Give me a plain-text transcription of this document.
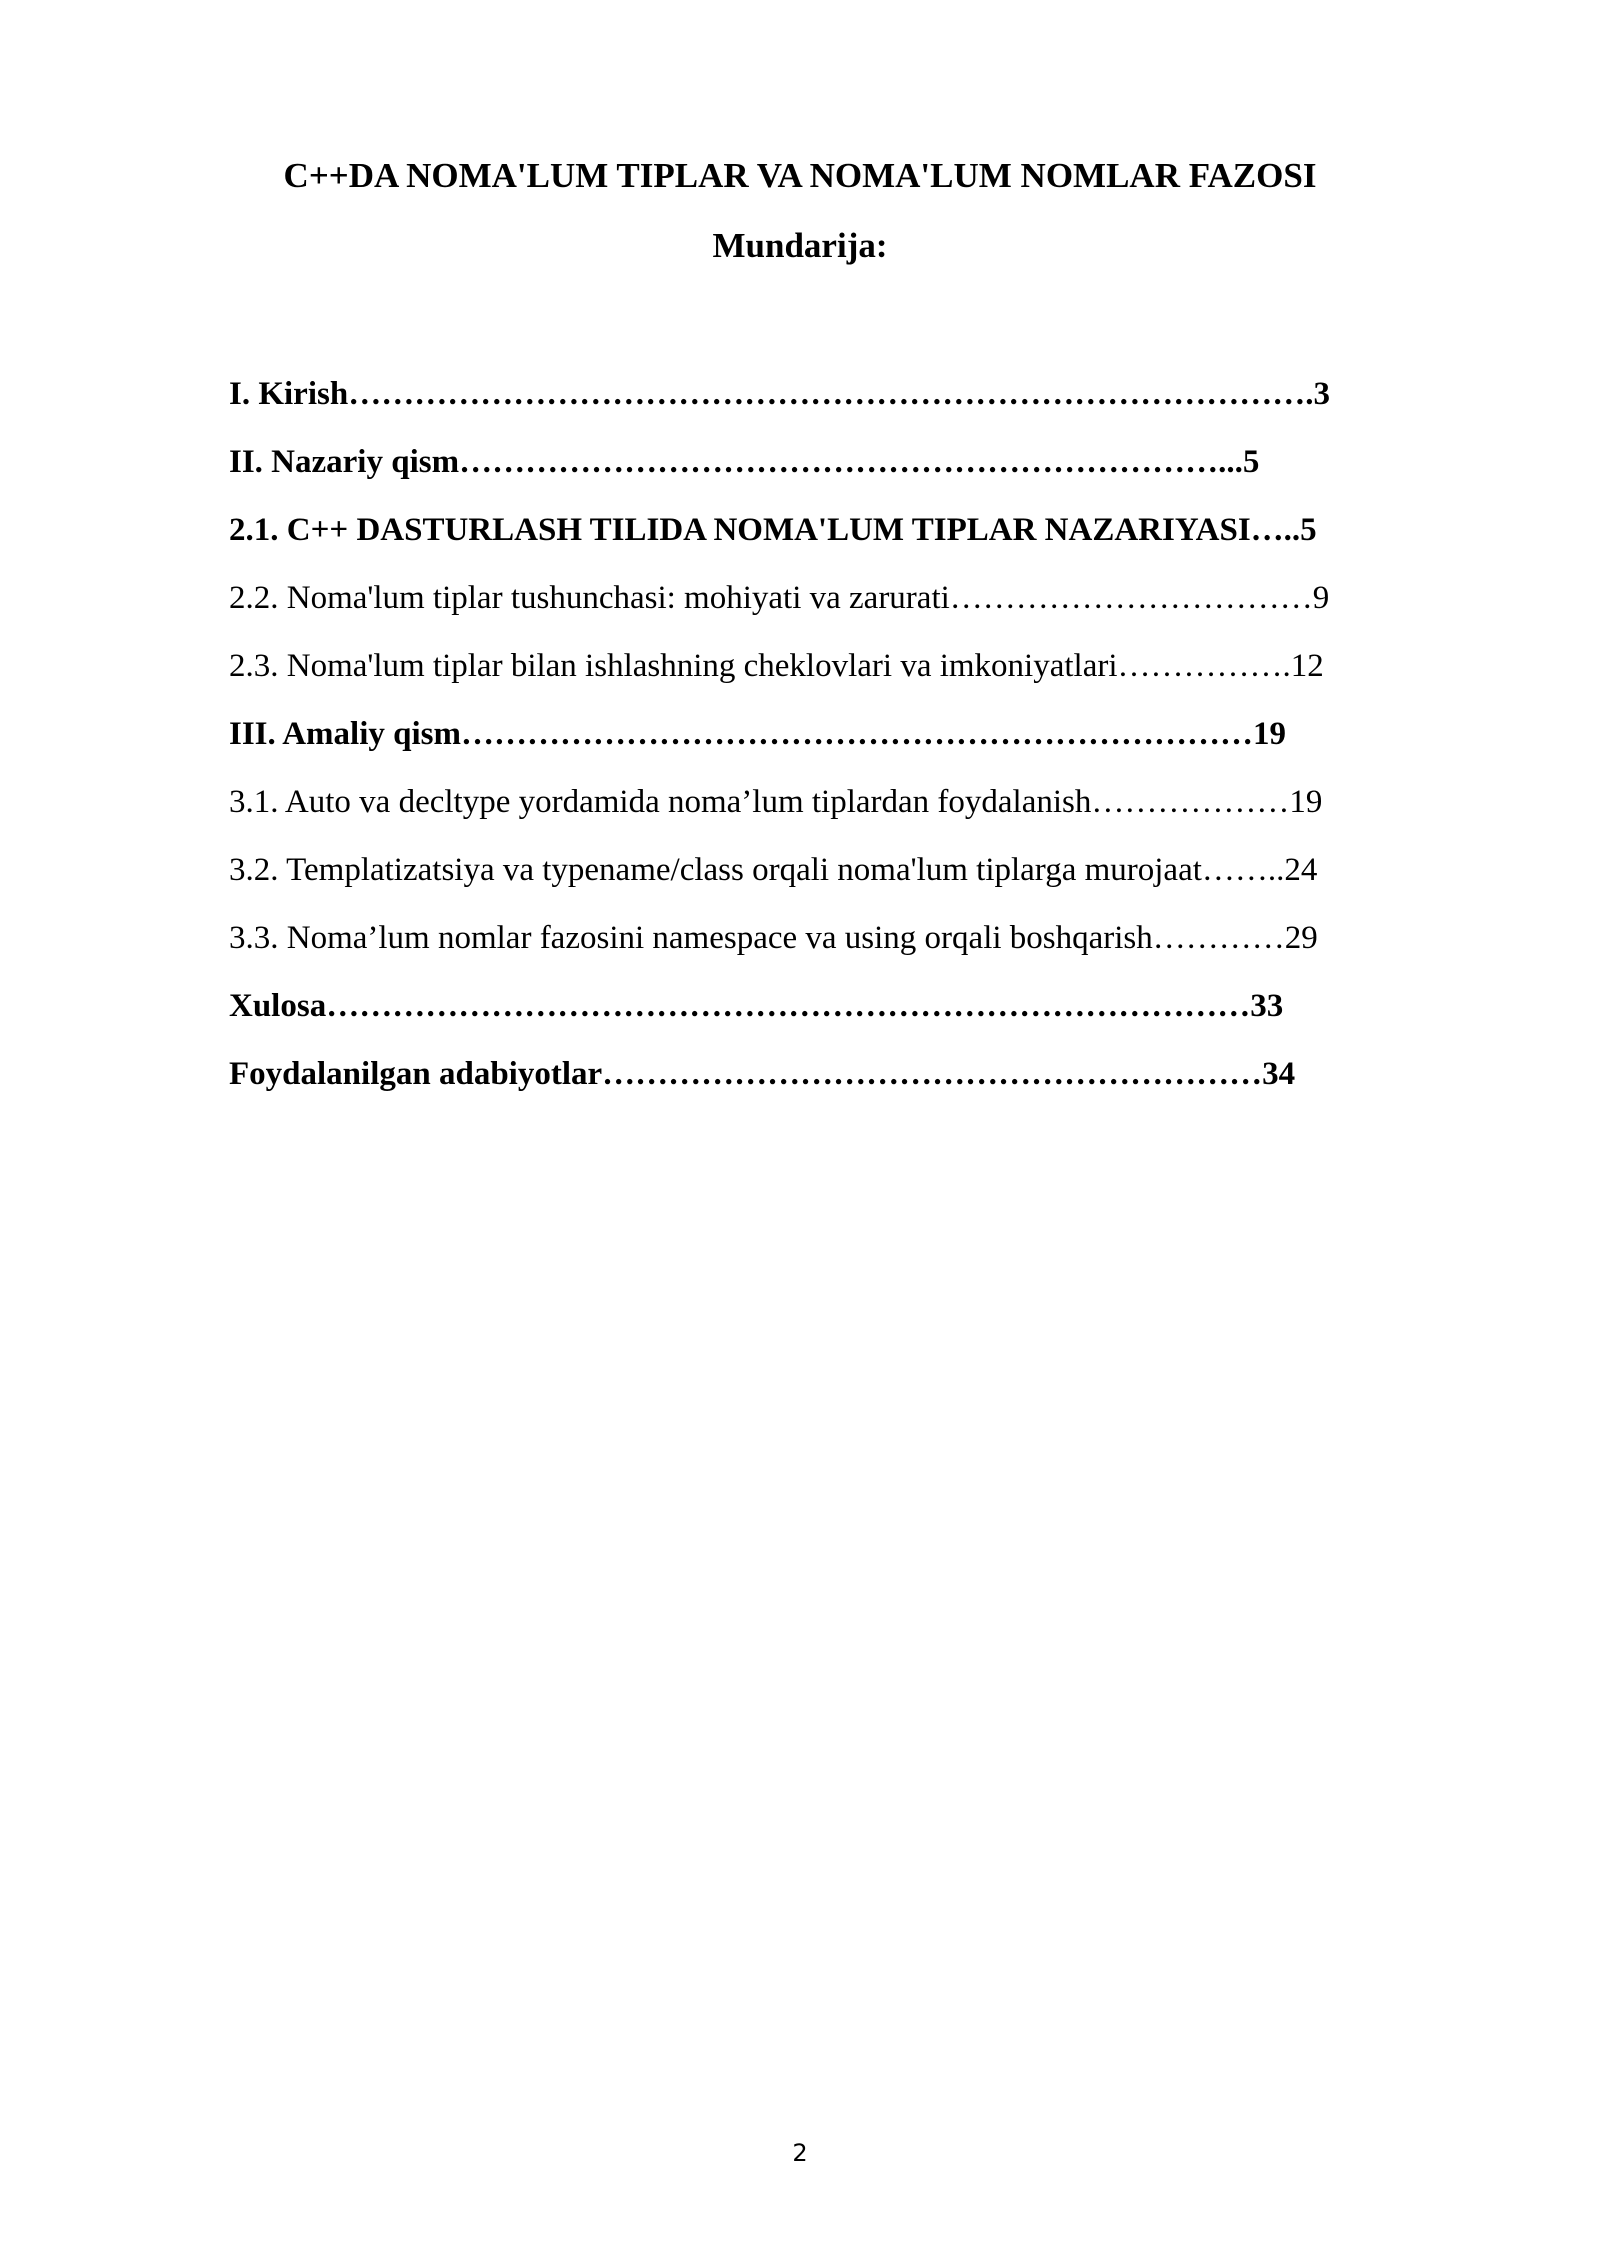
C++DA NOMA'LUM TIPLAR VA NOMA'LUM NOMLAR FAZOSI
Mundarija:
I. Kirish…………………………………………………………………………….3
II. Nazariy qism……………………………………………………………...5
2.1. C++ DASTURLASH TILIDA NOMA'LUM TIPLAR NAZARIYASI…..5
2.2. Noma'lum tiplar tushunchasi: mohiyati va zarurati……………………………9
2.3. Noma'lum tiplar bilan ishlashning cheklovlari va imkoniyatlari…………….12
III. Amaliy qism………………………………………………………………19
3.1. Auto va decltype yordamida noma’lum tiplardan foydalanish………………19
3.2. Templatizatsiya va typename/class orqali noma'lum tiplarga murojaat……..24
3.3. Noma’lum nomlar fazosini namespace va using orqali boshqarish…………29
Xulosa…………………………………………………………………………33
Foydalanilgan adabiyotlar……………………………………………………34
2
